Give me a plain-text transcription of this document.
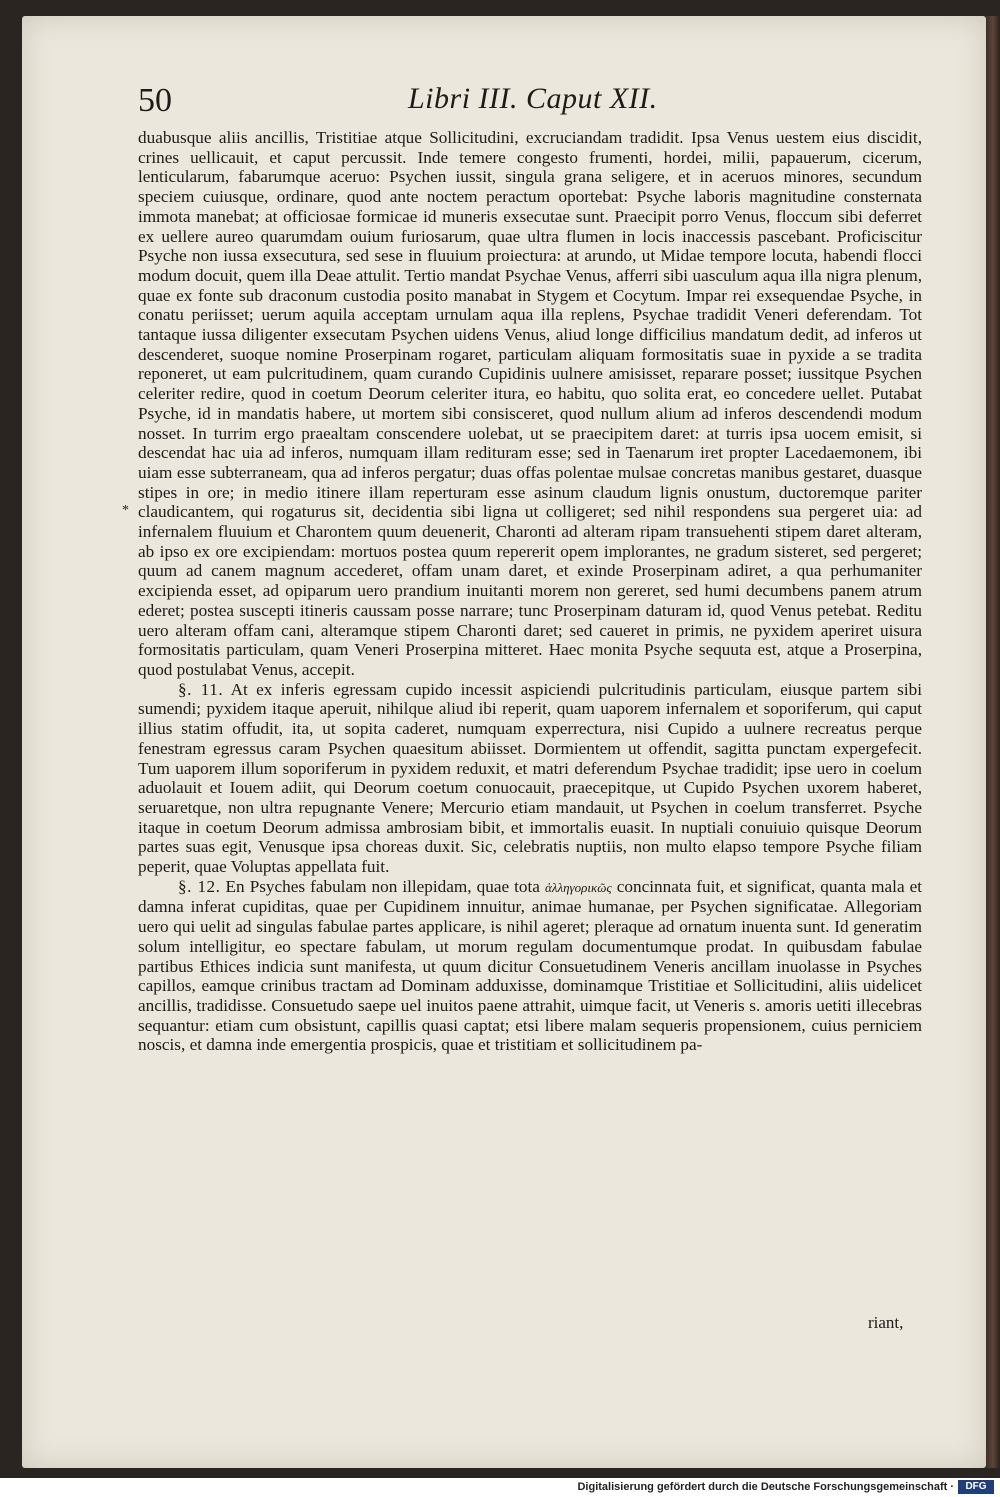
50	Libri III. Caput XII.
*

duabusque aliis ancillis, Tristitiae atque Sollicitudini, excruciandam tradidit. Ipsa Venus uestem eius discidit, crines uellicauit, et caput percussit. Inde temere congesto frumenti, hordei, milii, papauerum, cicerum, lenticularum, fabarumque aceruo: Psychen iussit, singula grana seligere, et in aceruos minores, secundum speciem cuiusque, ordinare, quod ante noctem peractum oportebat: Psyche laboris magnitudine consternata immota manebat; at officiosae formicae id muneris exsecutae sunt. Praecipit porro Venus, floccum sibi deferret ex uellere aureo quarumdam ouium furiosarum, quae ultra flumen in locis inaccessis pascebant. Proficiscitur Psyche non iussa exsecutura, sed sese in fluuium proiectura: at arundo, ut Midae tempore locuta, habendi flocci modum docuit, quem illa Deae attulit. Tertio mandat Psychae Venus, afferri sibi uasculum aqua illa nigra plenum, quae ex fonte sub draconum custodia posito manabat in Stygem et Cocytum. Impar rei exsequendae Psyche, in conatu periisset; uerum aquila acceptam urnulam aqua illa replens, Psychae tradidit Veneri deferendam. Tot tantaque iussa diligenter exsecutam Psychen uidens Venus, aliud longe difficilius mandatum dedit, ad inferos ut descenderet, suoque nomine Proserpinam rogaret, particulam aliquam formositatis suae in pyxide a se tradita reponeret, ut eam pulcritudinem, quam curando Cupidinis uulnere amisisset, reparare posset; iussitque Psychen celeriter redire, quod in coetum Deorum celeriter itura, eo habitu, quo solita erat, eo concedere uellet. Putabat Psyche, id in mandatis habere, ut mortem sibi consisceret, quod nullum alium ad inferos descendendi modum nosset. In turrim ergo praealtam conscendere uolebat, ut se praecipitem daret: at turris ipsa uocem emisit, si descendat hac uia ad inferos, numquam illam redituram esse; sed in Taenarum iret propter Lacedaemonem, ibi uiam esse subterraneam, qua ad inferos pergatur; duas offas polentae mulsae concretas manibus gestaret, duasque stipes in ore; in medio itinere illam reperturam esse asinum claudum lignis onustum, ductoremque pariter claudicantem, qui rogaturus sit, decidentia sibi ligna ut colligeret; sed nihil respondens sua pergeret uia: ad infernalem fluuium et Charontem quum deuenerit, Charonti ad alteram ripam transuehenti stipem daret alteram, ab ipso ex ore excipiendam: mortuos postea quum repererit opem implorantes, ne gradum sisteret, sed pergeret; quum ad canem magnum accederet, offam unam daret, et exinde Proserpinam adiret, a qua perhumaniter excipienda esset, ad opiparum uero prandium inuitanti morem non gereret, sed humi decumbens panem atrum ederet; postea suscepti itineris caussam posse narrare; tunc Proserpinam daturam id, quod Venus petebat. Reditu uero alteram offam cani, alteramque stipem Charonti daret; sed caueret in primis, ne pyxidem aperiret uisura formositatis particulam, quam Veneri Proserpina mitteret. Haec monita Psyche sequuta est, atque a Proserpina, quod postulabat Venus, accepit.

§. 11. At ex inferis egressam cupido incessit aspiciendi pulcritudinis particulam, eiusque partem sibi sumendi; pyxidem itaque aperuit, nihilque aliud ibi reperit, quam uaporem infernalem et soporiferum, qui caput illius statim offudit, ita, ut sopita caderet, numquam experrectura, nisi Cupido a uulnere recreatus perque fenestram egressus caram Psychen quaesitum abiisset. Dormientem ut offendit, sagitta punctam expergefecit. Tum uaporem illum soporiferum in pyxidem reduxit, et matri deferendum Psychae tradidit; ipse uero in coelum aduolauit et Iouem adiit, qui Deorum coetum conuocauit, praecepitque, ut Cupido Psychen uxorem haberet, seruaretque, non ultra repugnante Venere; Mercurio etiam mandauit, ut Psychen in coelum transferret. Psyche itaque in coetum Deorum admissa ambrosiam bibit, et immortalis euasit. In nuptiali conuiuio quisque Deorum partes suas egit, Venusque ipsa choreas duxit. Sic, celebratis nuptiis, non multo elapso tempore Psyche filiam peperit, quae Voluptas appellata fuit.

§. 12. En Psyches fabulam non illepidam, quae tota ἀλληγορικῶς concinnata fuit, et significat, quanta mala et damna inferat cupiditas, quae per Cupidinem innuitur, animae humanae, per Psychen significatae. Allegoriam uero qui uelit ad singulas fabulae partes applicare, is nihil ageret; pleraque ad ornatum inuenta sunt. Id generatim solum intelligitur, eo spectare fabulam, ut morum regulam documentumque prodat. In quibusdam fabulae partibus Ethices indicia sunt manifesta, ut quum dicitur Consuetudinem Veneris ancillam inuolasse in Psyches capillos, eamque crinibus tractam ad Dominam adduxisse, dominamque Tristitiae et Sollicitudini, aliis uidelicet ancillis, tradidisse. Consuetudo saepe uel inuitos paene attrahit, uimque facit, ut Veneris s. amoris uetiti illecebras sequantur: etiam cum obsistunt, capillis quasi captat; etsi libere malam sequeris propensionem, cuius perniciem noscis, et damna inde emergentia prospicis, quae et tristitiam et sollicitudinem pa-

riant,
Digitalisierung gefördert durch die Deutsche Forschungsgemeinschaft ·	DFG
